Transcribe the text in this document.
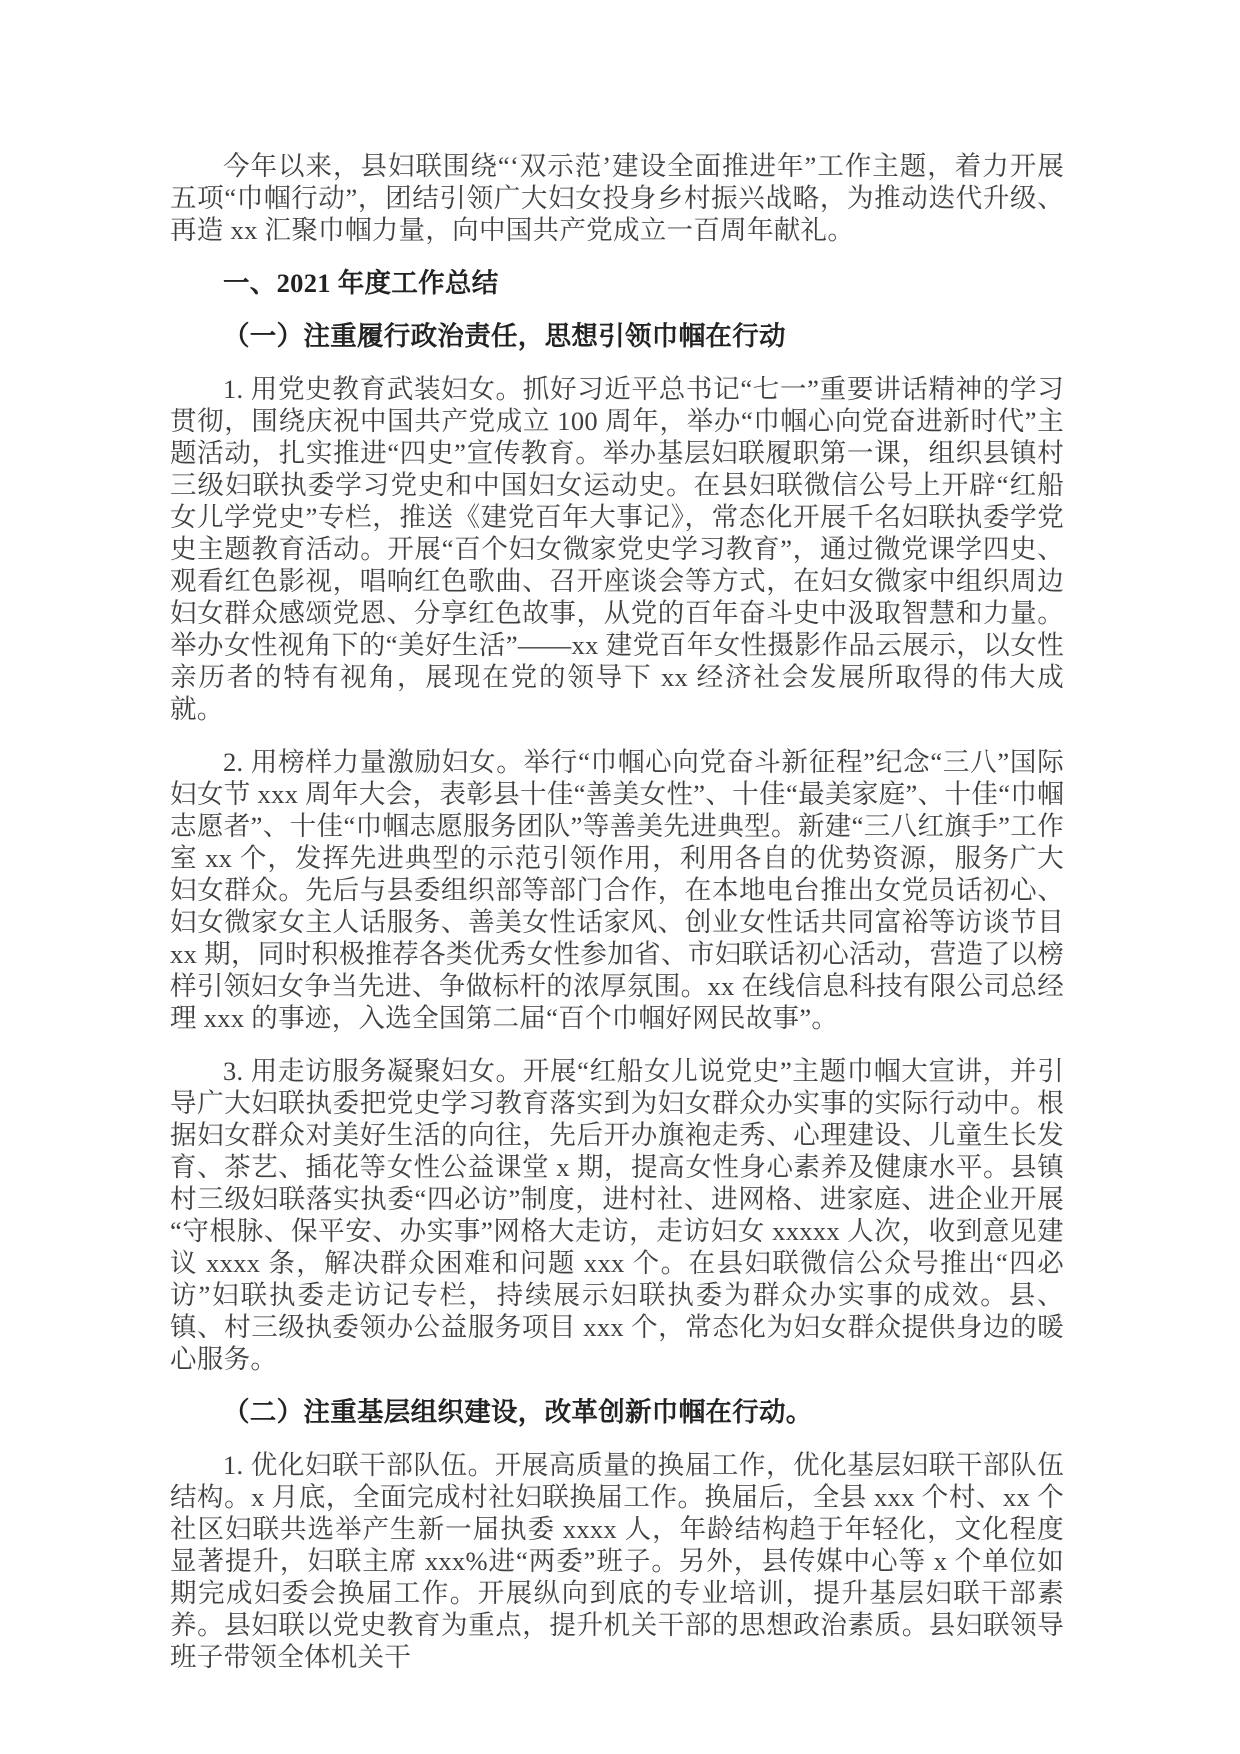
今年以来，县妇联围绕“‘双示范’建设全面推进年”工作主题，着力开展五项“巾帼行动”，团结引领广大妇女投身乡村振兴战略，为推动迭代升级、再造 xx 汇聚巾帼力量，向中国共产党成立一百周年献礼。

一、2021 年度工作总结

（一）注重履行政治责任，思想引领巾帼在行动

1. 用党史教育武装妇女。抓好习近平总书记“七一”重要讲话精神的学习贯彻，围绕庆祝中国共产党成立 100 周年，举办“巾帼心向党奋进新时代”主题活动，扎实推进“四史”宣传教育。举办基层妇联履职第一课，组织县镇村三级妇联执委学习党史和中国妇女运动史。在县妇联微信公号上开辟“红船女儿学党史”专栏，推送《建党百年大事记》，常态化开展千名妇联执委学党史主题教育活动。开展“百个妇女微家党史学习教育”，通过微党课学四史、观看红色影视，唱响红色歌曲、召开座谈会等方式，在妇女微家中组织周边妇女群众感颂党恩、分享红色故事，从党的百年奋斗史中汲取智慧和力量。举办女性视角下的“美好生活”——xx 建党百年女性摄影作品云展示，以女性亲历者的特有视角，展现在党的领导下 xx 经济社会发展所取得的伟大成就。

2. 用榜样力量激励妇女。举行“巾帼心向党奋斗新征程”纪念“三八”国际妇女节 xxx 周年大会，表彰县十佳“善美女性”、十佳“最美家庭”、十佳“巾帼志愿者”、十佳“巾帼志愿服务团队”等善美先进典型。新建“三八红旗手”工作室 xx 个，发挥先进典型的示范引领作用，利用各自的优势资源，服务广大妇女群众。先后与县委组织部等部门合作，在本地电台推出女党员话初心、妇女微家女主人话服务、善美女性话家风、创业女性话共同富裕等访谈节目 xx 期，同时积极推荐各类优秀女性参加省、市妇联话初心活动，营造了以榜样引领妇女争当先进、争做标杆的浓厚氛围。xx 在线信息科技有限公司总经理 xxx 的事迹，入选全国第二届“百个巾帼好网民故事”。

3. 用走访服务凝聚妇女。开展“红船女儿说党史”主题巾帼大宣讲，并引导广大妇联执委把党史学习教育落实到为妇女群众办实事的实际行动中。根据妇女群众对美好生活的向往，先后开办旗袍走秀、心理建设、儿童生长发育、茶艺、插花等女性公益课堂 x 期，提高女性身心素养及健康水平。县镇村三级妇联落实执委“四必访”制度，进村社、进网格、进家庭、进企业开展“守根脉、保平安、办实事”网格大走访，走访妇女 xxxxx 人次，收到意见建议 xxxx 条，解决群众困难和问题 xxx 个。在县妇联微信公众号推出“四必访”妇联执委走访记专栏，持续展示妇联执委为群众办实事的成效。县、镇、村三级执委领办公益服务项目 xxx 个，常态化为妇女群众提供身边的暖心服务。

（二）注重基层组织建设，改革创新巾帼在行动。

1. 优化妇联干部队伍。开展高质量的换届工作，优化基层妇联干部队伍结构。x 月底，全面完成村社妇联换届工作。换届后，全县 xxx 个村、xx 个社区妇联共选举产生新一届执委 xxxx 人，年龄结构趋于年轻化，文化程度显著提升，妇联主席 xxx%进“两委”班子。另外，县传媒中心等 x 个单位如期完成妇委会换届工作。开展纵向到底的专业培训，提升基层妇联干部素养。县妇联以党史教育为重点，提升机关干部的思想政治素质。县妇联领导班子带领全体机关干
